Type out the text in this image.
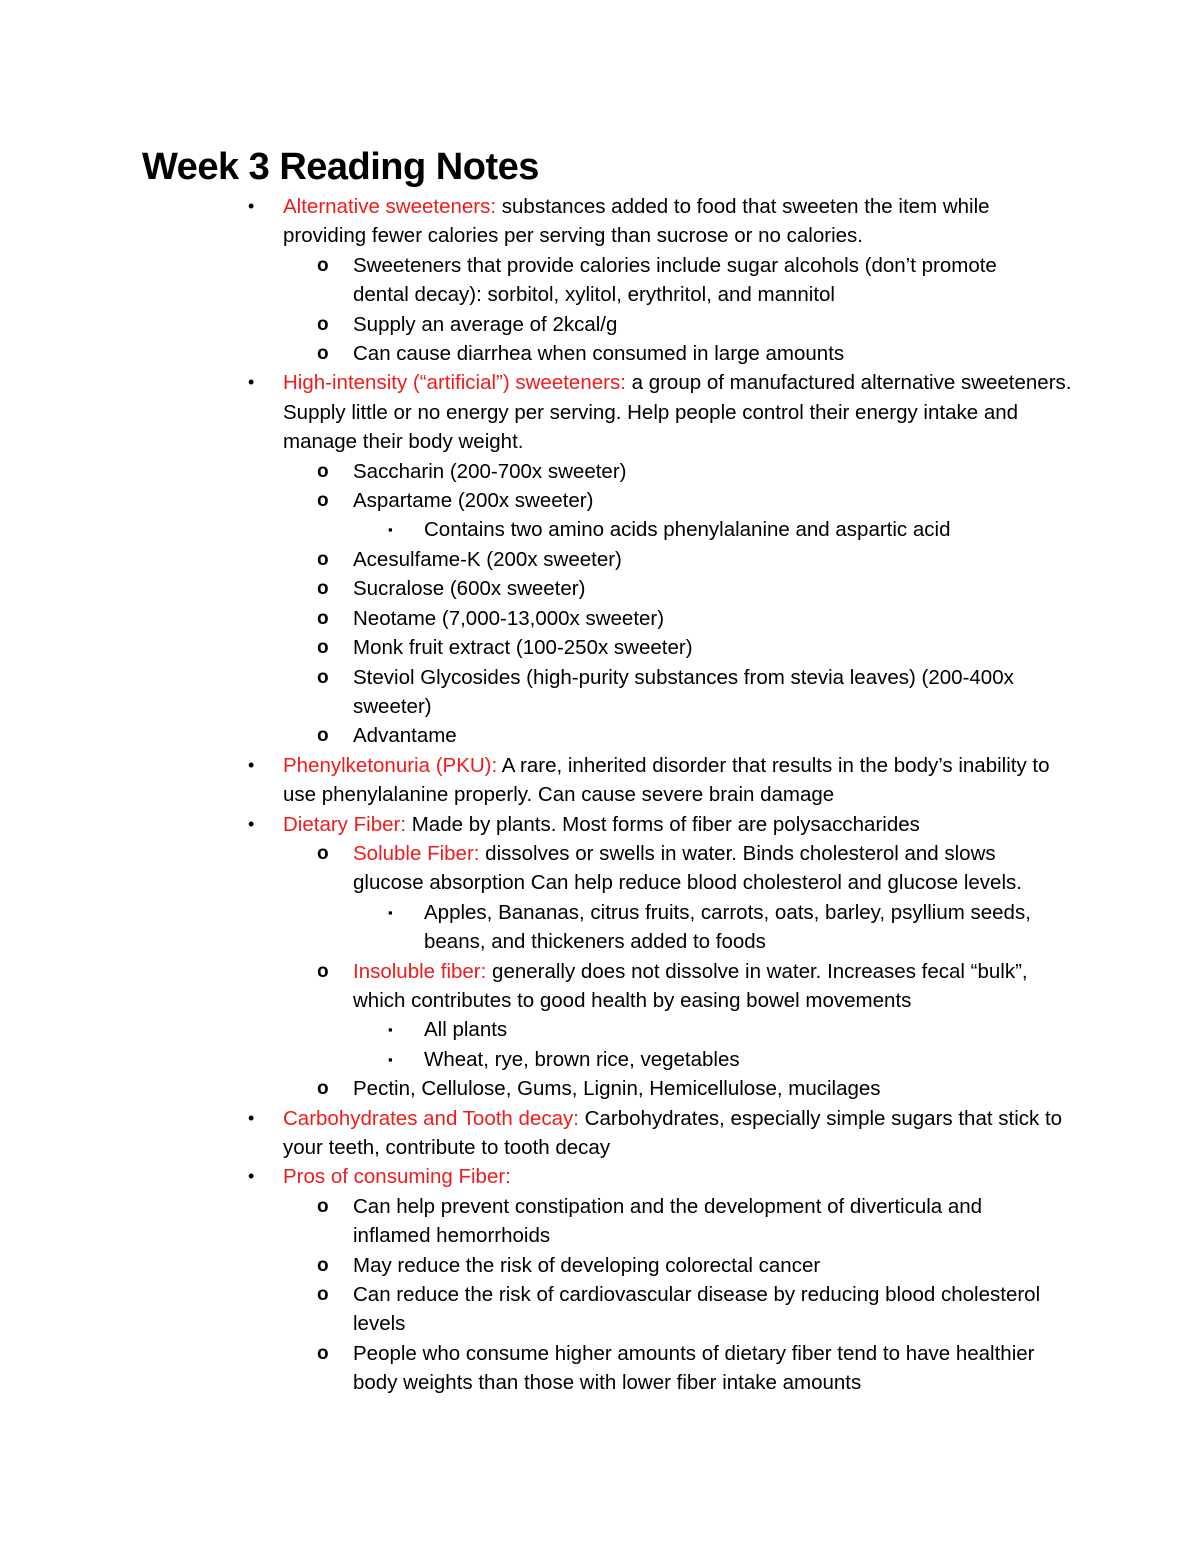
Week 3 Reading Notes
• Alternative sweeteners: substances added to food that sweeten the item while providing fewer calories per serving than sucrose or no calories.
o Sweeteners that provide calories include sugar alcohols (don’t promote dental decay): sorbitol, xylitol, erythritol, and mannitol
o Supply an average of 2kcal/g
o Can cause diarrhea when consumed in large amounts
• High-intensity (“artificial”) sweeteners: a group of manufactured alternative sweeteners. Supply little or no energy per serving. Help people control their energy intake and manage their body weight.
o Saccharin (200-700x sweeter)
o Aspartame (200x sweeter)
▪ Contains two amino acids phenylalanine and aspartic acid
o Acesulfame-K (200x sweeter)
o Sucralose (600x sweeter)
o Neotame (7,000-13,000x sweeter)
o Monk fruit extract (100-250x sweeter)
o Steviol Glycosides (high-purity substances from stevia leaves) (200-400x sweeter)
o Advantame
• Phenylketonuria (PKU): A rare, inherited disorder that results in the body’s inability to use phenylalanine properly. Can cause severe brain damage
• Dietary Fiber: Made by plants. Most forms of fiber are polysaccharides
o Soluble Fiber: dissolves or swells in water. Binds cholesterol and slows glucose absorption Can help reduce blood cholesterol and glucose levels.
▪ Apples, Bananas, citrus fruits, carrots, oats, barley, psyllium seeds, beans, and thickeners added to foods
o Insoluble fiber: generally does not dissolve in water. Increases fecal “bulk”, which contributes to good health by easing bowel movements
▪ All plants
▪ Wheat, rye, brown rice, vegetables
o Pectin, Cellulose, Gums, Lignin, Hemicellulose, mucilages
• Carbohydrates and Tooth decay: Carbohydrates, especially simple sugars that stick to your teeth, contribute to tooth decay
• Pros of consuming Fiber:
o Can help prevent constipation and the development of diverticula and inflamed hemorrhoids
o May reduce the risk of developing colorectal cancer
o Can reduce the risk of cardiovascular disease by reducing blood cholesterol levels
o People who consume higher amounts of dietary fiber tend to have healthier body weights than those with lower fiber intake amounts
